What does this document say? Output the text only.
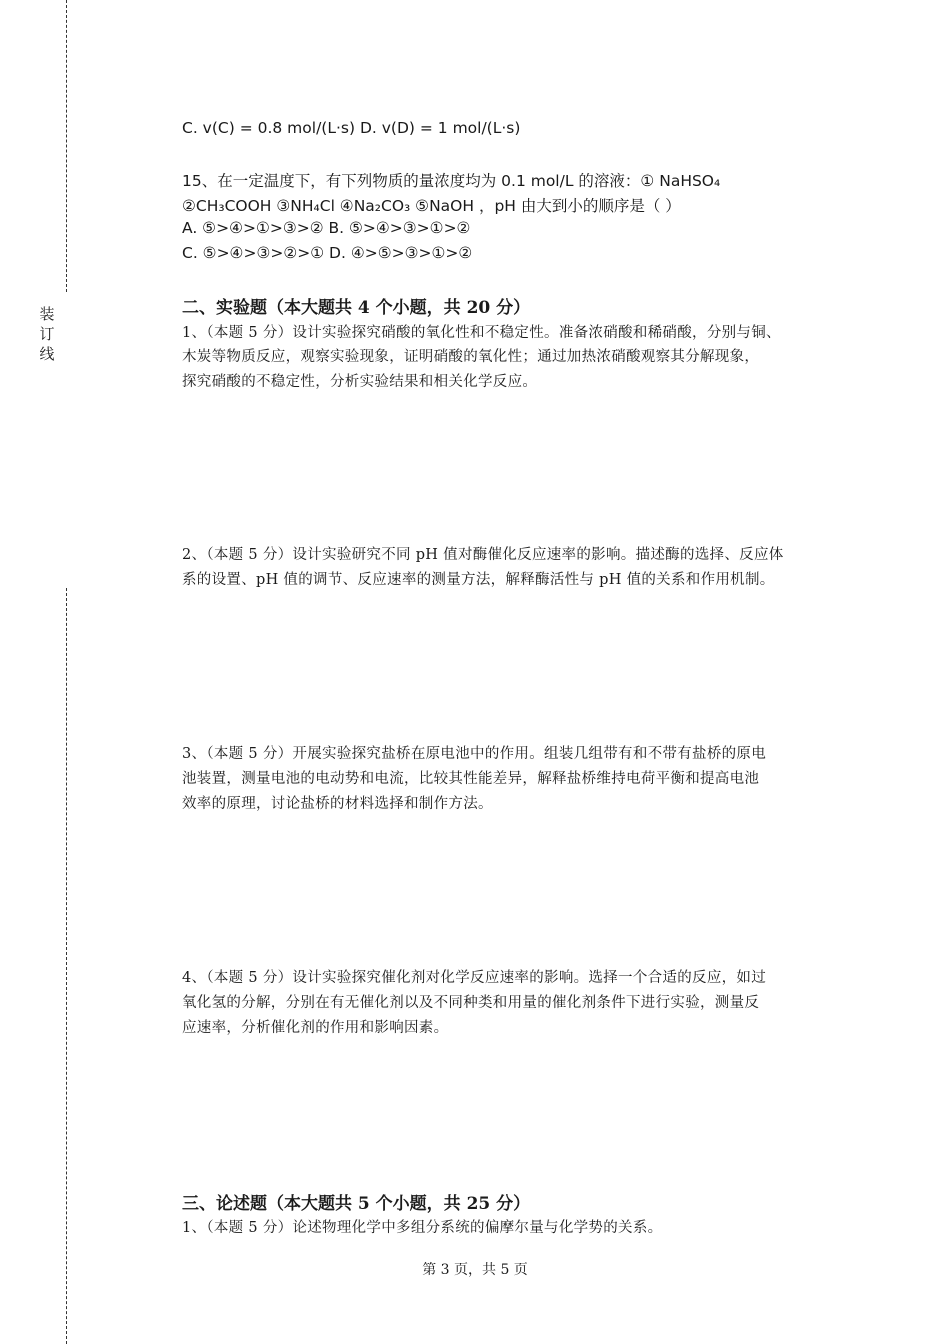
装
订
线
C. v(C) = 0.8 mol/(L·s) D. v(D) = 1 mol/(L·s)
15、在一定温度下，有下列物质的量浓度均为 0.1 mol/L 的溶液：① NaHSO₄
②CH₃COOH ③NH₄Cl ④Na₂CO₃ ⑤NaOH ，pH 由大到小的顺序是（ ）
A. ⑤>④>①>③>② B. ⑤>④>③>①>②
C. ⑤>④>③>②>① D. ④>⑤>③>①>②
二、实验题（本大题共 4 个小题，共 20 分）
1、（本题 5 分）设计实验探究硝酸的氧化性和不稳定性。准备浓硝酸和稀硝酸，分别与铜、
木炭等物质反应，观察实验现象，证明硝酸的氧化性；通过加热浓硝酸观察其分解现象，
探究硝酸的不稳定性，分析实验结果和相关化学反应。
2、（本题 5 分）设计实验研究不同 pH 值对酶催化反应速率的影响。描述酶的选择、反应体
系的设置、pH 值的调节、反应速率的测量方法，解释酶活性与 pH 值的关系和作用机制。
3、（本题 5 分）开展实验探究盐桥在原电池中的作用。组装几组带有和不带有盐桥的原电
池装置，测量电池的电动势和电流，比较其性能差异，解释盐桥维持电荷平衡和提高电池
效率的原理，讨论盐桥的材料选择和制作方法。
4、（本题 5 分）设计实验探究催化剂对化学反应速率的影响。选择一个合适的反应，如过
氧化氢的分解，分别在有无催化剂以及不同种类和用量的催化剂条件下进行实验，测量反
应速率，分析催化剂的作用和影响因素。
三、论述题（本大题共 5 个小题，共 25 分）
1、（本题 5 分）论述物理化学中多组分系统的偏摩尔量与化学势的关系。
第 3 页，共 5 页
